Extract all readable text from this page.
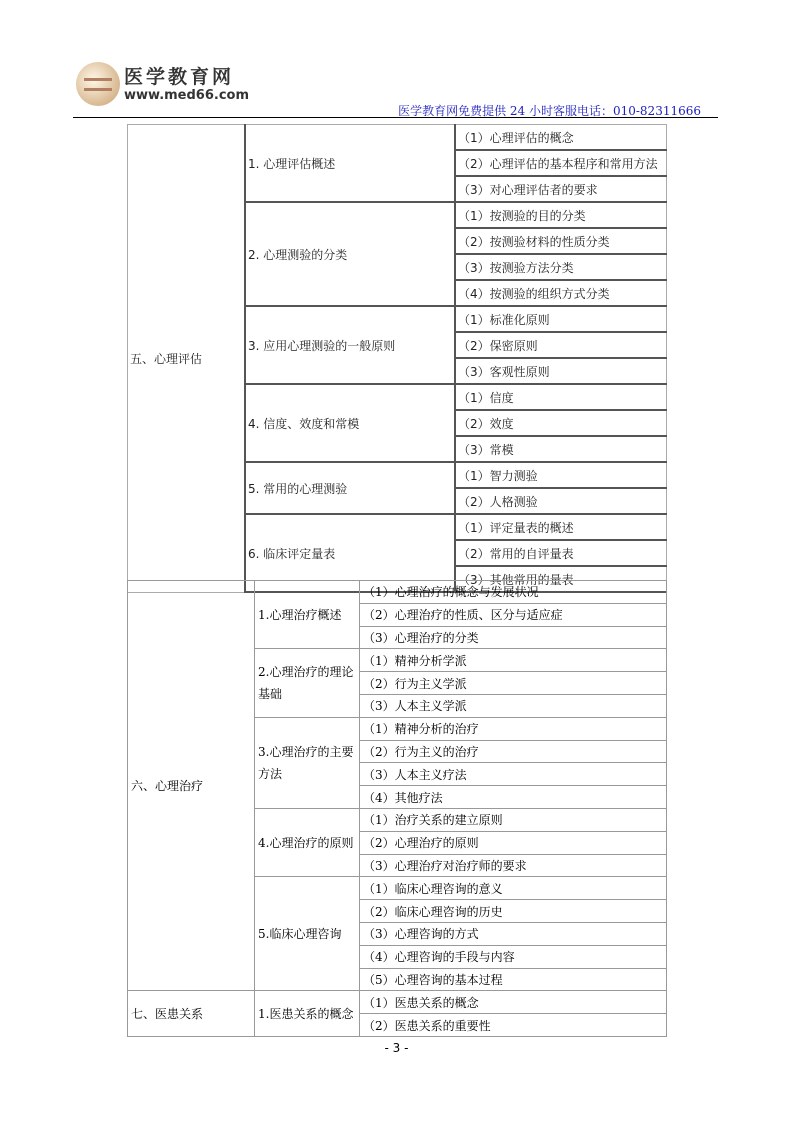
医学教育网
www.med66.com
医学教育网免费提供 24 小时客服电话：010-82311666
五、心理评估	1. 心理评估概述	（1）心理评估的概念
		（2）心理评估的基本程序和常用方法
		（3）对心理评估者的要求
	2. 心理测验的分类	（1）按测验的目的分类
		（2）按测验材料的性质分类
		（3）按测验方法分类
		（4）按测验的组织方式分类
	3. 应用心理测验的一般原则	（1）标准化原则
		（2）保密原则
		（3）客观性原则
	4. 信度、效度和常模	（1）信度
		（2）效度
		（3）常模
	5. 常用的心理测验	（1）智力测验
		（2）人格测验
	6. 临床评定量表	（1）评定量表的概述
		（2）常用的自评量表
		（3）其他常用的量表
六、心理治疗	1.心理治疗概述	（1）心理治疗的概念与发展状况
		（2）心理治疗的性质、区分与适应症
		（3）心理治疗的分类
	2.心理治疗的理论基础	（1）精神分析学派
		（2）行为主义学派
		（3）人本主义学派
	3.心理治疗的主要方法	（1）精神分析的治疗
		（2）行为主义的治疗
		（3）人本主义疗法
		（4）其他疗法
	4.心理治疗的原则	（1）治疗关系的建立原则
		（2）心理治疗的原则
		（3）心理治疗对治疗师的要求
	5.临床心理咨询	（1）临床心理咨询的意义
		（2）临床心理咨询的历史
		（3）心理咨询的方式
		（4）心理咨询的手段与内容
		（5）心理咨询的基本过程
七、医患关系	1.医患关系的概念	（1）医患关系的概念
		（2）医患关系的重要性
- 3 -
